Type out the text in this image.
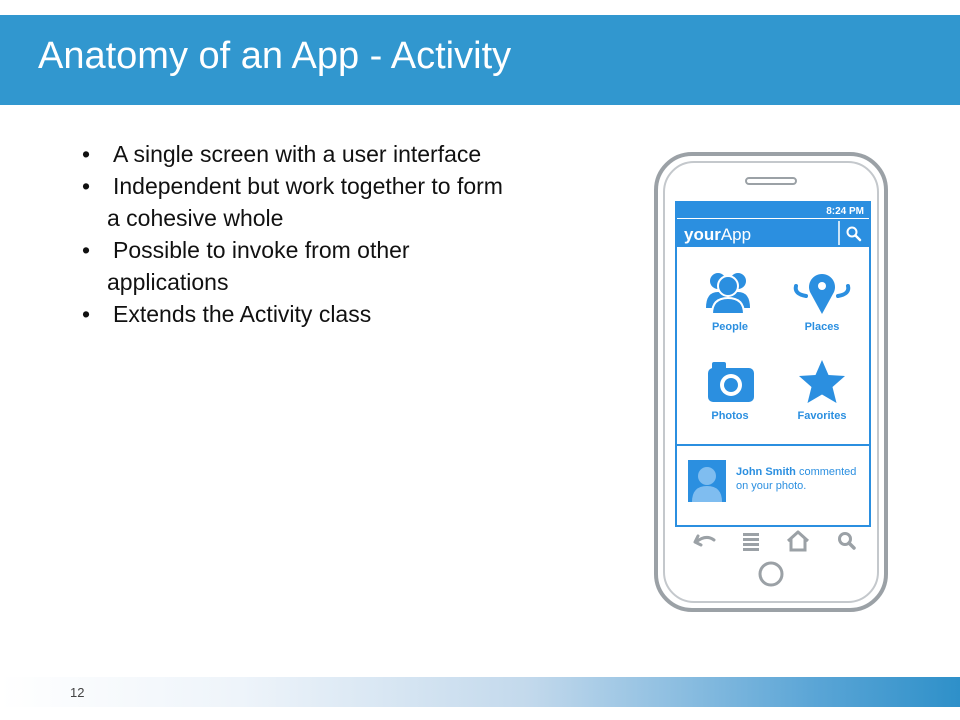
Anatomy of an App - Activity
• A single screen with a user interface
• Independent but work together to form
a cohesive whole
• Possible to invoke from other
applications
• Extends the Activity class
8:24 PM
yourApp
People	Places
Photos	Favorites
John Smith commented
on your photo.
12
